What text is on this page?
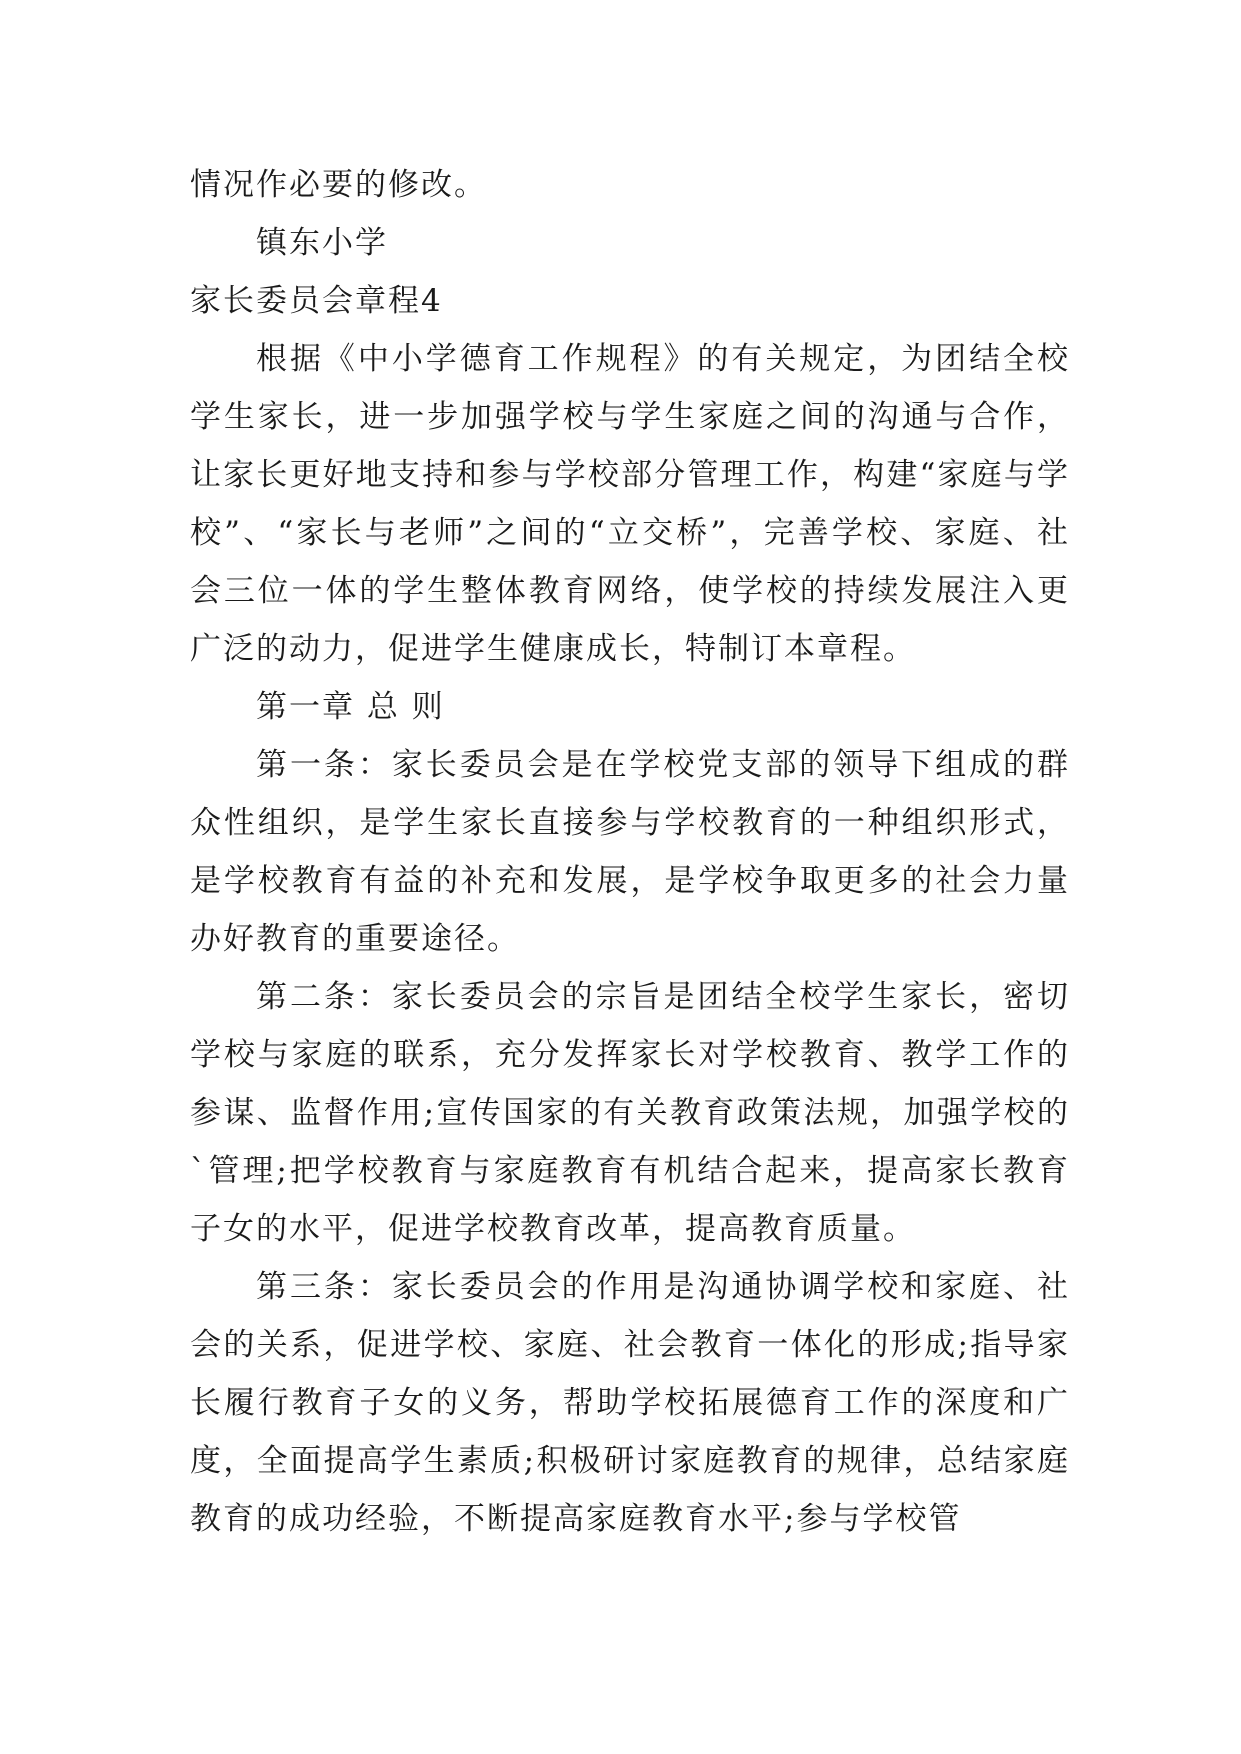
情况作必要的修改。

镇东小学

家长委员会章程4

根据《中小学德育工作规程》的有关规定，为团结全校学生家长，进一步加强学校与学生家庭之间的沟通与合作，让家长更好地支持和参与学校部分管理工作，构建“家庭与学校”、“家长与老师”之间的“立交桥”，完善学校、家庭、社会三位一体的学生整体教育网络，使学校的持续发展注入更广泛的动力，促进学生健康成长，特制订本章程。

第一章 总 则

第一条：家长委员会是在学校党支部的领导下组成的群众性组织，是学生家长直接参与学校教育的一种组织形式，是学校教育有益的补充和发展，是学校争取更多的社会力量办好教育的重要途径。

第二条：家长委员会的宗旨是团结全校学生家长，密切学校与家庭的联系，充分发挥家长对学校教育、教学工作的参谋、监督作用;宣传国家的有关教育政策法规，加强学校的`管理;把学校教育与家庭教育有机结合起来，提高家长教育子女的水平，促进学校教育改革，提高教育质量。

第三条：家长委员会的作用是沟通协调学校和家庭、社会的关系，促进学校、家庭、社会教育一体化的形成;指导家长履行教育子女的义务，帮助学校拓展德育工作的深度和广度，全面提高学生素质;积极研讨家庭教育的规律，总结家庭教育的成功经验，不断提高家庭教育水平;参与学校管
